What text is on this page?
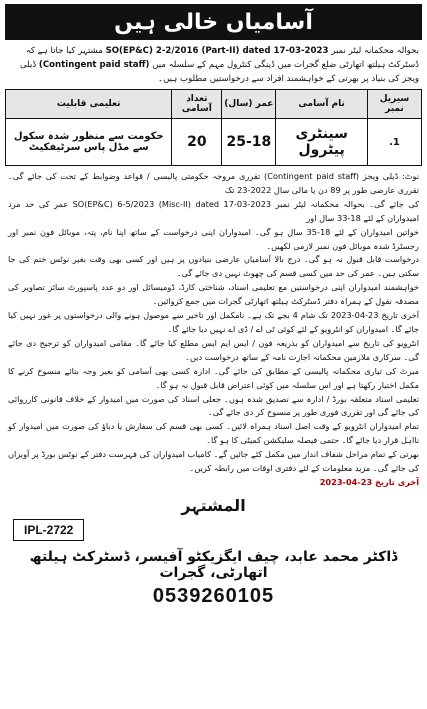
آسامیاں خالی ہیں
بحوالہ محکمانہ لیٹر نمبر SO(EP&C) 2-2/2016 (Part-II) dated 17-03-2023 مشتہر کیا جاتا ہے کہ ڈسٹرکٹ ہیلتھ اتھارٹی ضلع گجرات میں ڈینگی کنٹرول مہم کے سلسلہ میں (Contingent paid staff) ڈیلی ویجز کی بنیاد پر بھرتی کے خواہشمند افراد سے درخواستیں مطلوب ہیں۔
سیریل نمبر	نام آسامی	عمر (سال)	تعداد آسامی	تعلیمی قابلیت
1.	سینٹری پیٹرول	25-18	20	حکومت سے منظور شدہ سکول سے مڈل پاس سرٹیفکیٹ

نوٹ: ڈیلی ویجز (Contingent paid staff) تقرری مروجہ حکومتی پالیسی / قواعد وضوابط کے تحت کی جائے گی۔ تقرری عارضی طور پر 89 دن یا مالی سال 2022-23 تک

کی جائے گی۔ بحوالہ محکمانہ لیٹر نمبر SO(EP&C) 6-5/2023 (Misc-II) dated 17-03-2023 عمر کی حد مرد امیدواران کے لئے 18-33 سال اور

خواتین امیدواران کے لئے 18-35 سال ہو گی۔ امیدواران اپنی درخواست کے ساتھ اپنا نام، پتہ، موبائل فون نمبر اور رجسٹرڈ شدہ موبائل فون نمبر لازمی لکھیں۔

درخواست قابل قبول نہ ہو گی۔ درج بالا آسامیاں عارضی بنیادوں پر ہیں اور کسی بھی وقت بغیر نوٹس ختم کی جا سکتی ہیں۔ عمر کی حد میں کسی قسم کی چھوٹ نہیں دی جائے گی۔

خواہشمند امیدواران اپنی درخواستیں مع تعلیمی اسناد، شناختی کارڈ، ڈومیسائل اور دو عدد پاسپورٹ سائز تصاویر کی مصدقہ نقول کے ہمراہ دفتر ڈسٹرکٹ ہیلتھ اتھارٹی گجرات میں جمع کروائیں۔

آخری تاریخ 23-04-2023 تک شام 4 بجے تک ہے۔ نامکمل اور تاخیر سے موصول ہونے والی درخواستوں پر غور نہیں کیا جائے گا۔ امیدواران کو انٹرویو کے لئے کوئی ٹی اے / ڈی اے نہیں دیا جائے گا۔

انٹرویو کی تاریخ سے امیدواران کو بذریعہ فون / ایس ایم ایس مطلع کیا جائے گا۔ مقامی امیدواران کو ترجیح دی جائے گی۔ سرکاری ملازمین محکمانہ اجازت نامہ کے ساتھ درخواست دیں۔

میرٹ کی تیاری محکمانہ پالیسی کے مطابق کی جائے گی۔ ادارہ کسی بھی آسامی کو بغیر وجہ بتائے منسوخ کرنے کا مکمل اختیار رکھتا ہے اور اس سلسلہ میں کوئی اعتراض قابل قبول نہ ہو گا۔

تعلیمی اسناد متعلقہ بورڈ / ادارہ سے تصدیق شدہ ہوں۔ جعلی اسناد کی صورت میں امیدوار کے خلاف قانونی کارروائی کی جائے گی اور تقرری فوری طور پر منسوخ کر دی جائے گی۔

تمام امیدواران انٹرویو کے وقت اصل اسناد ہمراہ لائیں۔ کسی بھی قسم کی سفارش یا دباؤ کی صورت میں امیدوار کو نااہل قرار دیا جائے گا۔ حتمی فیصلہ سلیکشن کمیٹی کا ہو گا۔

بھرتی کے تمام مراحل شفاف انداز میں مکمل کئے جائیں گے۔ کامیاب امیدواران کی فہرست دفتر کے نوٹس بورڈ پر آویزاں کی جائے گی۔ مزید معلومات کے لئے دفتری اوقات میں رابطہ کریں۔

آخری تاریخ 23-04-2023

المشتہر
IPL-2722
ڈاکٹر محمد عابد، چیف ایگزیکٹو آفیسر، ڈسٹرکٹ ہیلتھ اتھارٹی، گجرات
0539260105
